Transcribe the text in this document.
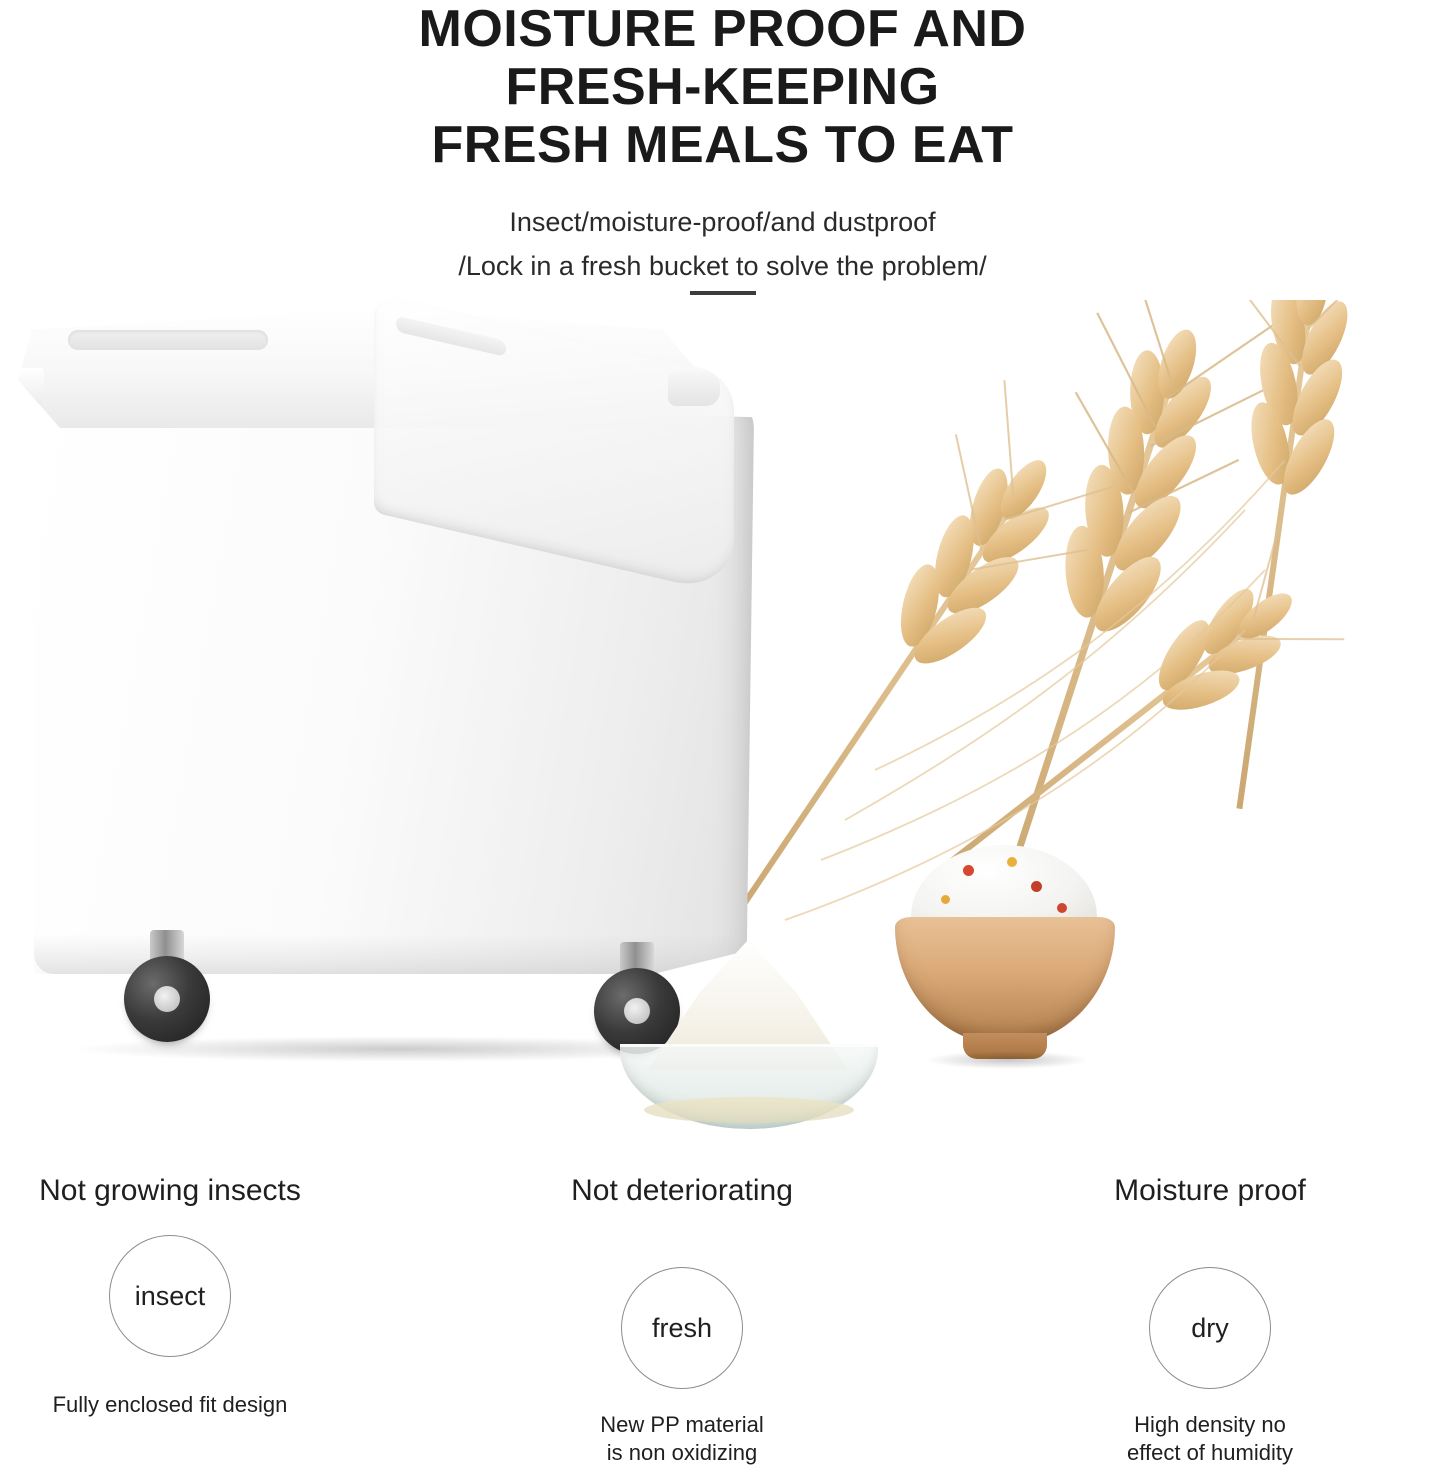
MOISTURE PROOF AND
FRESH-KEEPING
FRESH MEALS TO EAT
Insect/moisture-proof/and dustproof
/Lock in a fresh bucket to solve the problem/
Not growing insects
insect
Fully enclosed fit design
Not deteriorating
fresh
New PP material
is non oxidizing
Moisture proof
dry
High density no
effect of humidity
